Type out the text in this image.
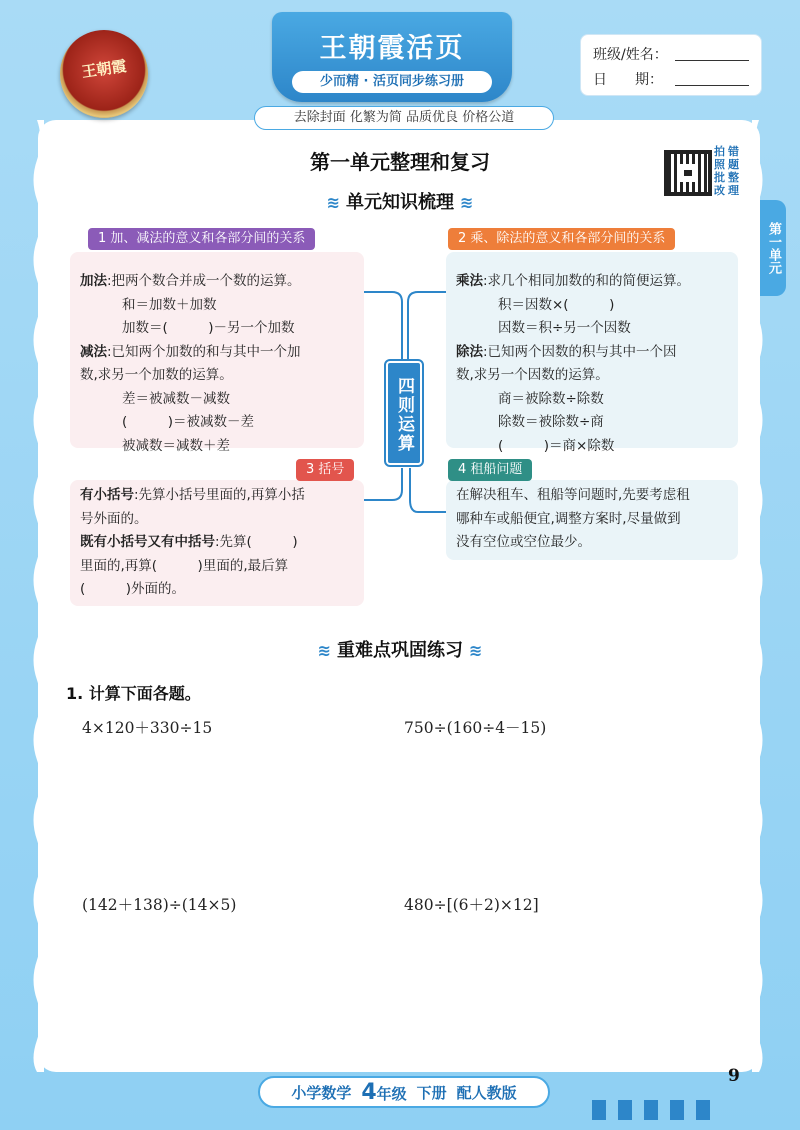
王朝霞
王朝霞活页
少而精 · 活页同步练习册
去除封面 化繁为简 品质优良 价格公道
班级/姓名：
日　　期：
第一单元
拍 错
照 题
批 整
改 理
第一单元整理和复习
≋ 单元知识梳理 ≋
加法:把两个数合并成一个数的运算。
和＝加数＋加数
加数＝(　　　)－另一个加数
减法:已知两个加数的和与其中一个加
数,求另一个加数的运算。
差＝被减数－减数
(　　　)＝被减数－差
被减数＝减数＋差
1 加、减法的意义和各部分间的关系
乘法:求几个相同加数的和的简便运算。
积＝因数×(　　　)
因数＝积÷另一个因数
除法:已知两个因数的积与其中一个因
数,求另一个因数的运算。
商＝被除数÷除数
除数＝被除数÷商
(　　　)＝商×除数
2 乘、除法的意义和各部分间的关系
有小括号:先算小括号里面的,再算小括
号外面的。
既有小括号又有中括号:先算(　　　)
里面的,再算(　　　)里面的,最后算
(　　　)外面的。
3 括号
在解决租车、租船等问题时,先要考虑租
哪种车或船便宜,调整方案时,尽量做到
没有空位或空位最少。
4 租船问题
四则运算
≋ 重难点巩固练习 ≋
1. 计算下面各题。
4×120＋330÷15	750÷(160÷4－15)
(142＋138)÷(14×5)	480÷[(6＋2)×12]
小学数学 4年级 下册 配人教版
9
